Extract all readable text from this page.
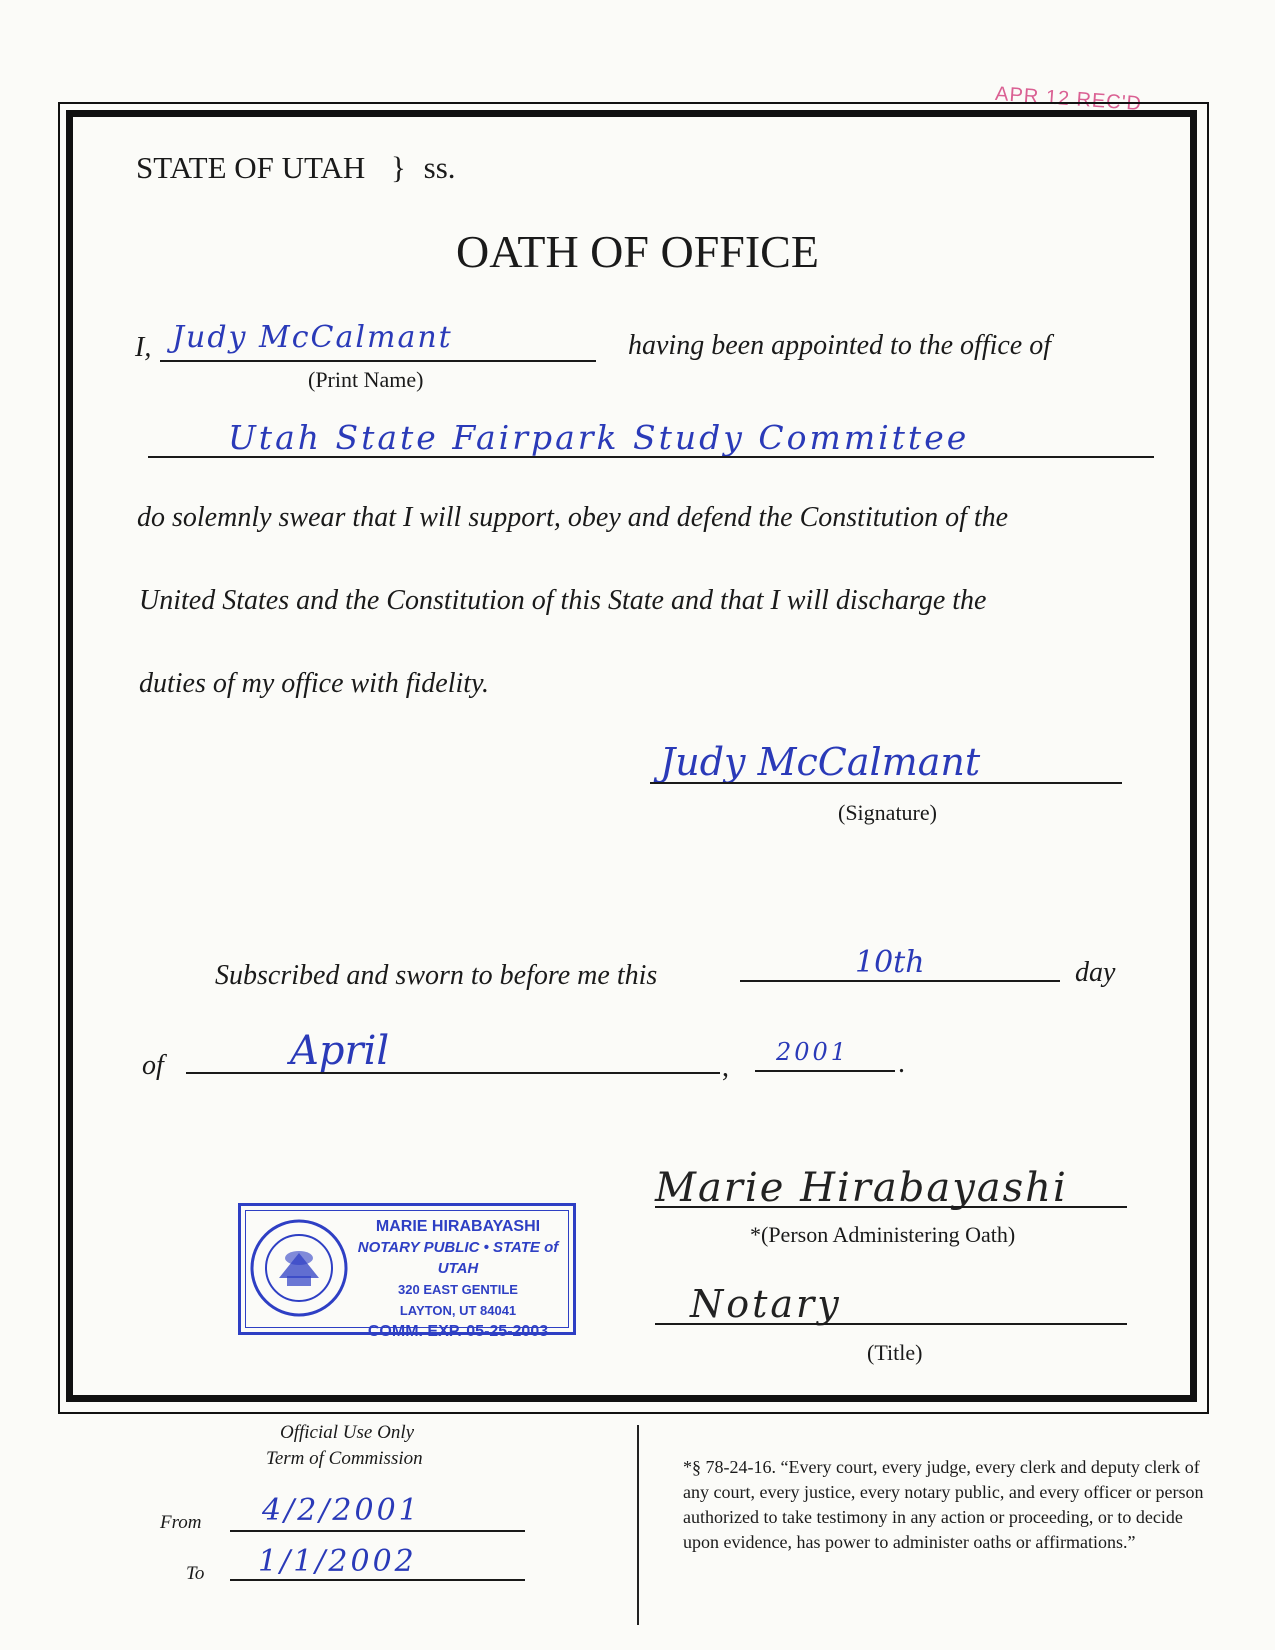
APR 12 REC'D
STATE OF UTAH } ss.
OATH OF OFFICE
I, Judy McCalmant
(Print Name)
having been appointed to the office of
Utah State Fairpark Study Committee
do solemnly swear that I will support, obey and defend the Constitution of the
United States and the Constitution of this State and that I will discharge the
duties of my office with fidelity.
Judy McCalmant
(Signature)
Subscribed and sworn to before me this	10th	day
of	April	, 2001 .
Marie Hirabayashi
*(Person Administering Oath)
Notary
(Title)
MARIE HIRABAYASHI
NOTARY PUBLIC • STATE of UTAH
320 EAST GENTILE
LAYTON, UT 84041
COMM. EXP. 05-25-2003
Official Use Only
Term of Commission
From 4/2/2001
To 1/1/2002
*§ 78-24-16. “Every court, every judge, every clerk and deputy clerk of any court, every justice, every notary public, and every officer or person authorized to take testimony in any action or proceeding, or to decide upon evidence, has power to administer oaths or affirmations.”
